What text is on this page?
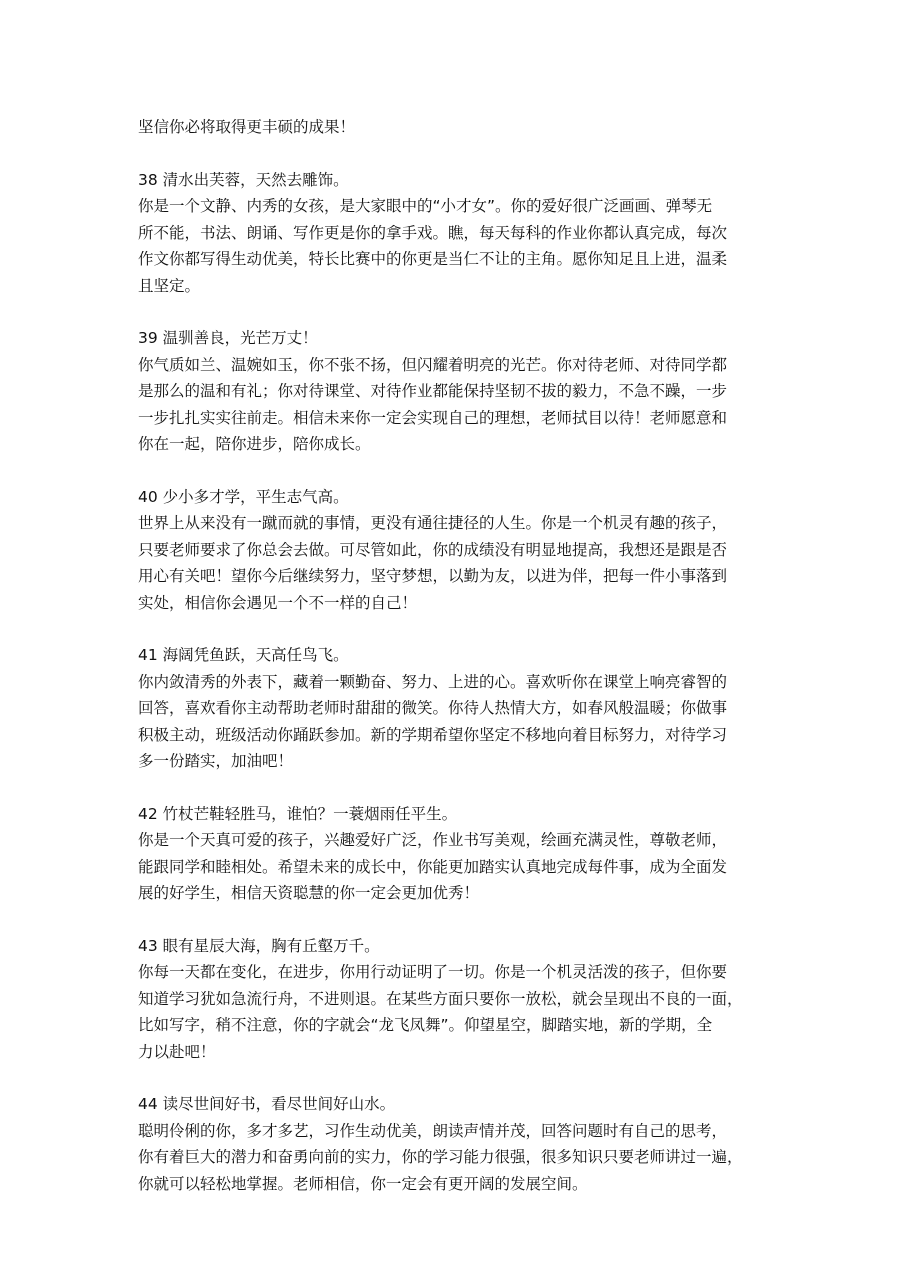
坚信你必将取得更丰硕的成果！
38 清水出芙蓉，天然去雕饰。
你是一个文静、内秀的女孩，是大家眼中的“小才女”。你的爱好很广泛画画、弹琴无
所不能，书法、朗诵、写作更是你的拿手戏。瞧，每天每科的作业你都认真完成，每次
作文你都写得生动优美，特长比赛中的你更是当仁不让的主角。愿你知足且上进，温柔
且坚定。
39 温驯善良，光芒万丈！
你气质如兰、温婉如玉，你不张不扬，但闪耀着明亮的光芒。你对待老师、对待同学都
是那么的温和有礼；你对待课堂、对待作业都能保持坚韧不拔的毅力，不急不躁，一步
一步扎扎实实往前走。相信未来你一定会实现自己的理想，老师拭目以待！老师愿意和
你在一起，陪你进步，陪你成长。
40 少小多才学，平生志气高。
世界上从来没有一蹴而就的事情，更没有通往捷径的人生。你是一个机灵有趣的孩子，
只要老师要求了你总会去做。可尽管如此，你的成绩没有明显地提高，我想还是跟是否
用心有关吧！望你今后继续努力，坚守梦想，以勤为友，以进为伴，把每一件小事落到
实处，相信你会遇见一个不一样的自己！
41 海阔凭鱼跃，天高任鸟飞。
你内敛清秀的外表下，藏着一颗勤奋、努力、上进的心。喜欢听你在课堂上响亮睿智的
回答，喜欢看你主动帮助老师时甜甜的微笑。你待人热情大方，如春风般温暖；你做事
积极主动，班级活动你踊跃参加。新的学期希望你坚定不移地向着目标努力，对待学习
多一份踏实，加油吧！
42 竹杖芒鞋轻胜马，谁怕？一蓑烟雨任平生。
你是一个天真可爱的孩子，兴趣爱好广泛，作业书写美观，绘画充满灵性，尊敬老师，
能跟同学和睦相处。希望未来的成长中，你能更加踏实认真地完成每件事，成为全面发
展的好学生，相信天资聪慧的你一定会更加优秀！
43 眼有星辰大海，胸有丘壑万千。
你每一天都在变化，在进步，你用行动证明了一切。你是一个机灵活泼的孩子，但你要
知道学习犹如急流行舟，不进则退。在某些方面只要你一放松，就会呈现出不良的一面，
比如写字，稍不注意，你的字就会“龙飞凤舞”。仰望星空，脚踏实地，新的学期，全
力以赴吧！
44 读尽世间好书，看尽世间好山水。
聪明伶俐的你，多才多艺，习作生动优美，朗读声情并茂，回答问题时有自己的思考，
你有着巨大的潜力和奋勇向前的实力，你的学习能力很强，很多知识只要老师讲过一遍，
你就可以轻松地掌握。老师相信，你一定会有更开阔的发展空间。
